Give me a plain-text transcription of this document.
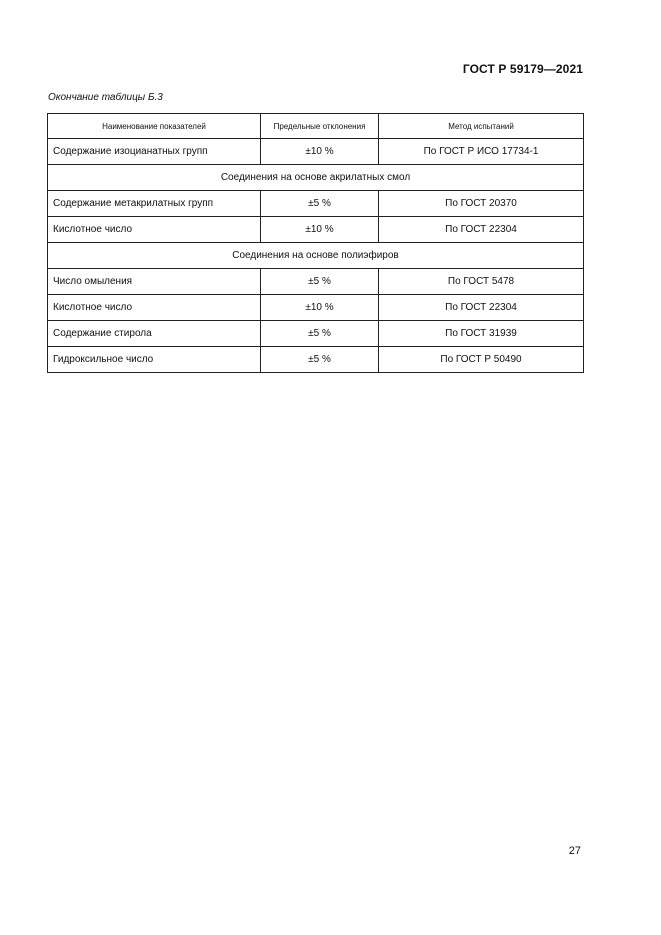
ГОСТ Р 59179—2021
Окончание таблицы Б.3
Наименование показателей	Предельные отклонения	Метод испытаний
Содержание изоцианатных групп	±10 %	По ГОСТ Р ИСО 17734-1
Соединения на основе акрилатных смол		
Содержание метакрилатных групп	±5 %	По ГОСТ 20370
Кислотное число	±10 %	По ГОСТ 22304
Соединения на основе полиэфиров		
Число омыления	±5 %	По ГОСТ 5478
Кислотное число	±10 %	По ГОСТ 22304
Содержание стирола	±5 %	По ГОСТ 31939
Гидроксильное число	±5 %	По ГОСТ Р 50490
27
